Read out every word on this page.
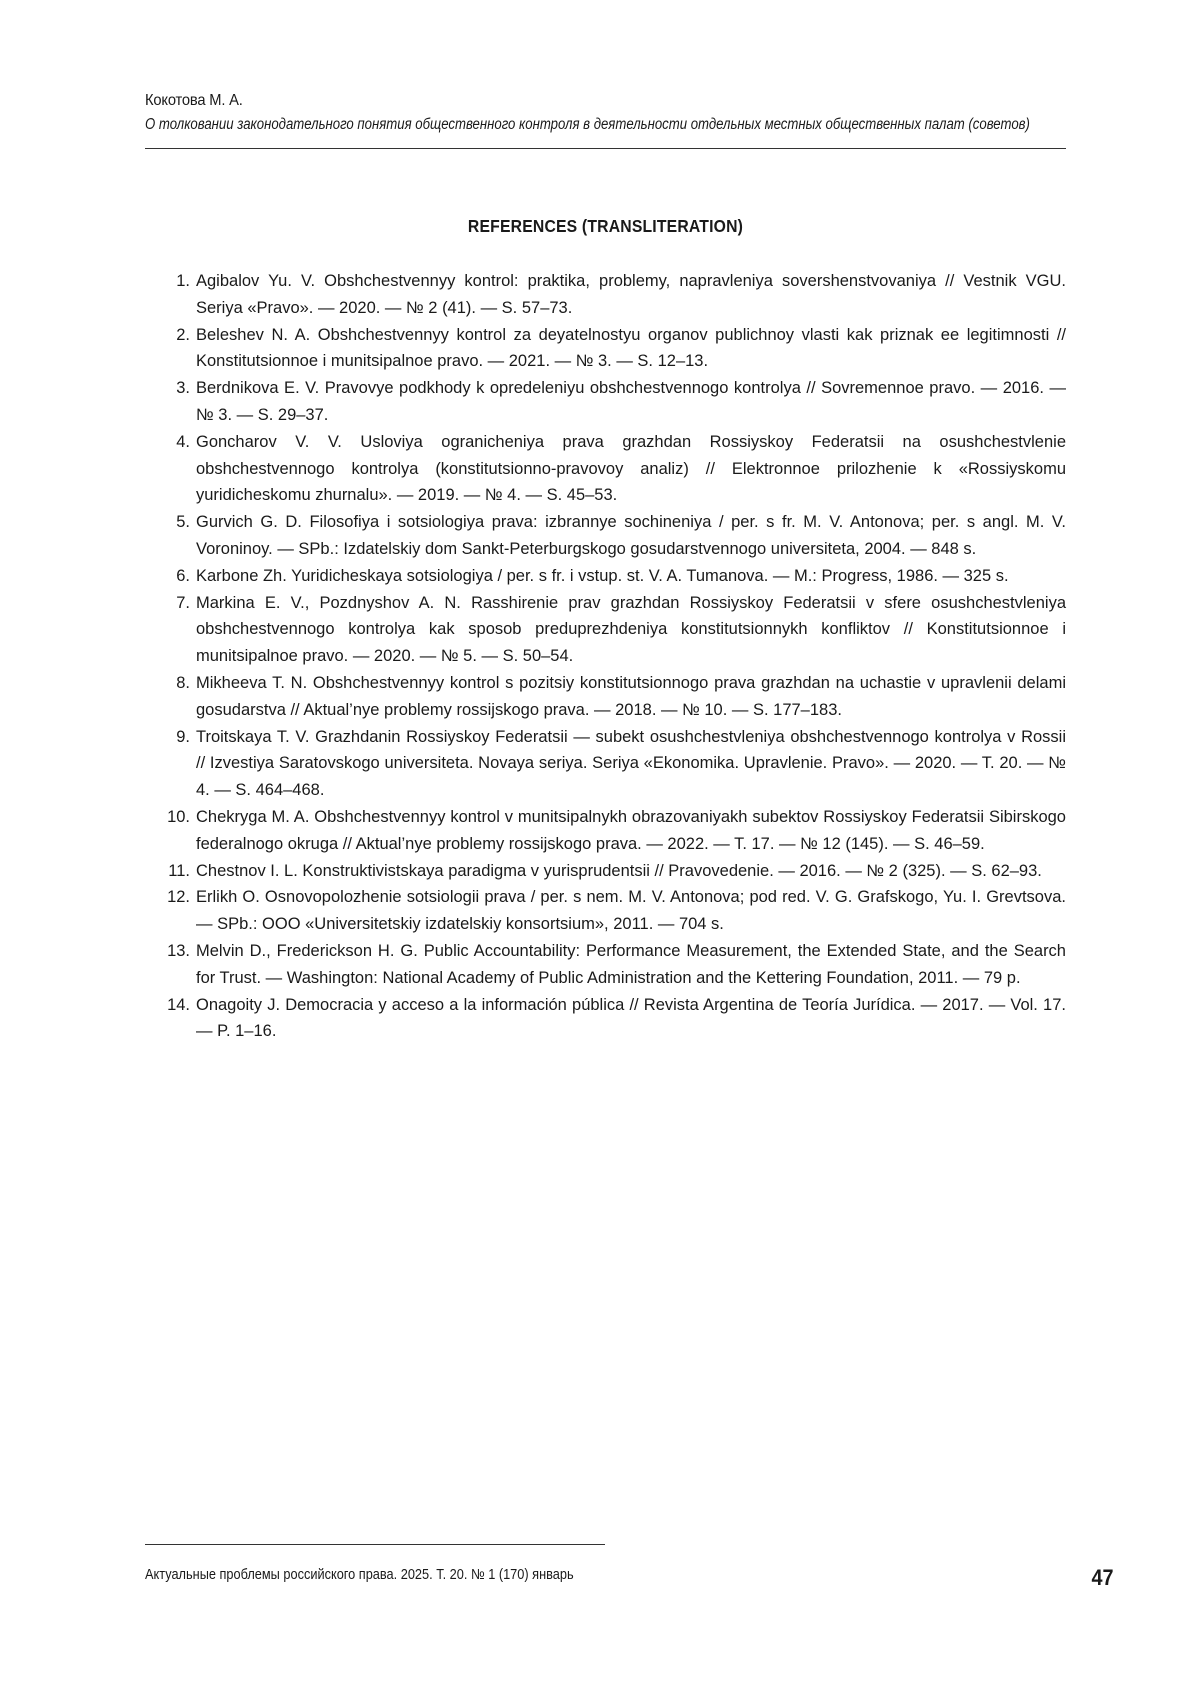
Кокотова М. А.
О толковании законодательного понятия общественного контроля в деятельности отдельных местных общественных палат (советов)
REFERENCES (TRANSLITERATION)
1. Agibalov Yu. V. Obshchestvennyy kontrol: praktika, problemy, napravleniya sovershenstvovaniya // Vestnik VGU. Seriya «Pravo». — 2020. — № 2 (41). — S. 57–73.
2. Beleshev N. A. Obshchestvennyy kontrol za deyatelnostyu organov publichnoy vlasti kak priznak ee legitimnosti // Konstitutsionnoe i munitsipalnoe pravo. — 2021. — № 3. — S. 12–13.
3. Berdnikova E. V. Pravovye podkhody k opredeleniyu obshchestvennogo kontrolya // Sovremennoe pravo. — 2016. — № 3. — S. 29–37.
4. Goncharov V. V. Usloviya ogranicheniya prava grazhdan Rossiyskoy Federatsii na osushchestvlenie obshchestvennogo kontrolya (konstitutsionno-pravovoy analiz) // Elektronnoe prilozhenie k «Rossiyskomu yuridicheskomu zhurnalu». — 2019. — № 4. — S. 45–53.
5. Gurvich G. D. Filosofiya i sotsiologiya prava: izbrannye sochineniya / per. s fr. M. V. Antonova; per. s angl. M. V. Voroninoy. — SPb.: Izdatelskiy dom Sankt-Peterburgskogo gosudarstvennogo universiteta, 2004. — 848 s.
6. Karbone Zh. Yuridicheskaya sotsiologiya / per. s fr. i vstup. st. V. A. Tumanova. — M.: Progress, 1986. — 325 s.
7. Markina E. V., Pozdnyshov A. N. Rasshirenie prav grazhdan Rossiyskoy Federatsii v sfere osushchestvleniya obshchestvennogo kontrolya kak sposob preduprezhdeniya konstitutsionnykh konfliktov // Konstitutsionnoe i munitsipalnoe pravo. — 2020. — № 5. — S. 50–54.
8. Mikheeva T. N. Obshchestvennyy kontrol s pozitsiy konstitutsionnogo prava grazhdan na uchastie v upravlenii delami gosudarstva // Aktual’nye problemy rossijskogo prava. — 2018. — № 10. — S. 177–183.
9. Troitskaya T. V. Grazhdanin Rossiyskoy Federatsii — subekt osushchestvleniya obshchestvennogo kontrolya v Rossii // Izvestiya Saratovskogo universiteta. Novaya seriya. Seriya «Ekonomika. Upravlenie. Pravo». — 2020. — T. 20. — № 4. — S. 464–468.
10. Chekryga M. A. Obshchestvennyy kontrol v munitsipalnykh obrazovaniyakh subektov Rossiyskoy Federatsii Sibirskogo federalnogo okruga // Aktual’nye problemy rossijskogo prava. — 2022. — T. 17. — № 12 (145). — S. 46–59.
11. Chestnov I. L. Konstruktivistskaya paradigma v yurisprudentsii // Pravovedenie. — 2016. — № 2 (325). — S. 62–93.
12. Erlikh O. Osnovopolozhenie sotsiologii prava / per. s nem. M. V. Antonova; pod red. V. G. Grafskogo, Yu. I. Grevtsova. — SPb.: OOO «Universitetskiy izdatelskiy konsortsium», 2011. — 704 s.
13. Melvin D., Frederickson H. G. Public Accountability: Performance Measurement, the Extended State, and the Search for Trust. — Washington: National Academy of Public Administration and the Kettering Foundation, 2011. — 79 p.
14. Onagoity J. Democracia y acceso a la información pública // Revista Argentina de Teoría Jurídica. — 2017. — Vol. 17. — P. 1–16.
Актуальные проблемы российского права. 2025. Т. 20. № 1 (170) январь	47
